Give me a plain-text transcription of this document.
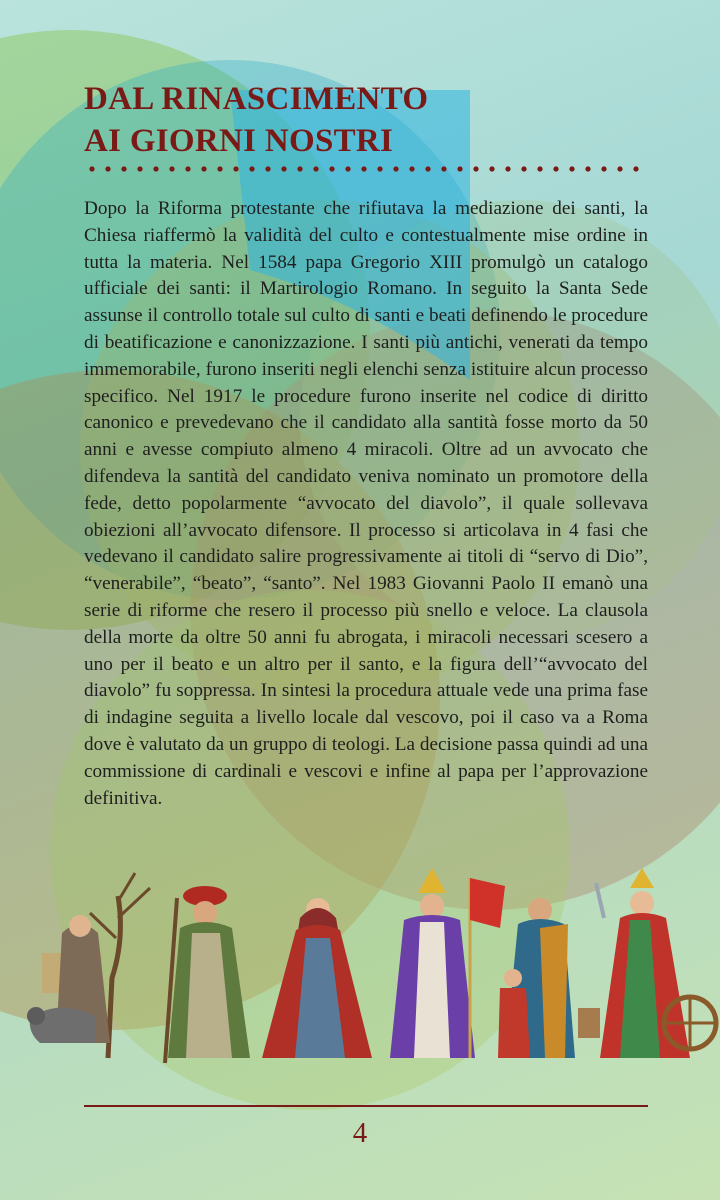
DAL RINASCIMENTO
AI GIORNI NOSTRI

Dopo la Riforma protestante che rifiutava la mediazione dei santi, la Chiesa riaffermò la validità del culto e contestualmente mise ordine in tutta la materia. Nel 1584 papa Gregorio XIII promulgò un catalogo ufficiale dei santi: il Martirologio Romano. In seguito la Santa Sede assunse il controllo totale sul culto di santi e beati definendo le procedure di beatificazione e canonizzazione. I santi più antichi, venerati da tempo immemorabile, furono inseriti negli elenchi senza istituire alcun processo specifico. Nel 1917 le procedure furono inserite nel codice di diritto canonico e prevedevano che il candidato alla santità fosse morto da 50 anni e avesse compiuto almeno 4 miracoli. Oltre ad un avvocato che difendeva la santità del candidato veniva nominato un promotore della fede, detto popolarmente “avvocato del diavolo”, il quale sollevava obiezioni all’avvocato difensore. Il processo si articolava in 4 fasi che vedevano il candidato salire progressivamente ai titoli di “servo di Dio”, “venerabile”, “beato”, “santo”. Nel 1983 Giovanni Paolo II emanò una serie di riforme che resero il processo più snello e veloce. La clausola della morte da oltre 50 anni fu abrogata, i miracoli necessari scesero a uno per il beato e un altro per il santo, e la figura dell’“avvocato del diavolo” fu soppressa. In sintesi la procedura attuale vede una prima fase di indagine seguita a livello locale dal vescovo, poi il caso va a Roma dove è valutato da un gruppo di teologi. La decisione passa quindi ad una commissione di cardinali e vescovi e infine al papa per l’approvazione definitiva.

4
